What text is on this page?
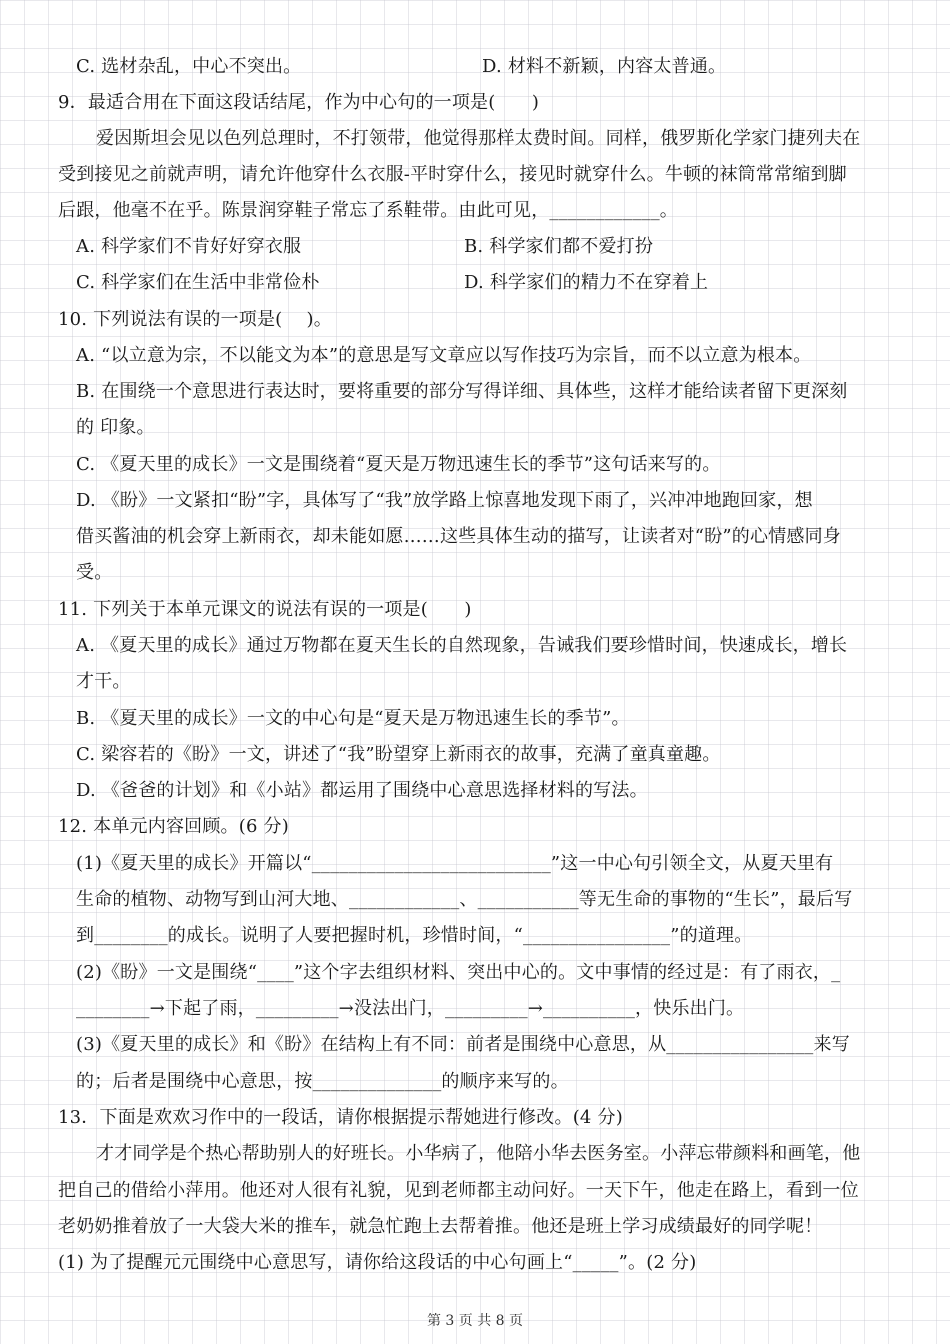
C. 选材杂乱，中心不突出。	D. 材料不新颖，内容太普通。
9．最适合用在下面这段话结尾，作为中心句的一项是(　　)
爱因斯坦会见以色列总理时，不打领带，他觉得那样太费时间。同样，俄罗斯化学家门捷列夫在
受到接见之前就声明，请允许他穿什么衣服-平时穿什么，接见时就穿什么。牛顿的袜筒常常缩到脚
后跟，他毫不在乎。陈景润穿鞋子常忘了系鞋带。由此可见，____________。
A. 科学家们不肯好好穿衣服	B. 科学家们都不爱打扮
C. 科学家们在生活中非常俭朴	D. 科学家们的精力不在穿着上
10. 下列说法有误的一项是(　 )。
A. “以立意为宗，不以能文为本”的意思是写文章应以写作技巧为宗旨，而不以立意为根本。
B. 在围绕一个意思进行表达时，要将重要的部分写得详细、具体些，这样才能给读者留下更深刻
的 印象。
C. 《夏天里的成长》一文是围绕着“夏天是万物迅速生长的季节”这句话来写的。
D. 《盼》一文紧扣“盼”字，具体写了“我”放学路上惊喜地发现下雨了，兴冲冲地跑回家，想
借买酱油的机会穿上新雨衣，却未能如愿……这些具体生动的描写，让读者对“盼”的心情感同身
受。
11. 下列关于本单元课文的说法有误的一项是(　　)
A. 《夏天里的成长》通过万物都在夏天生长的自然现象，告诫我们要珍惜时间，快速成长，增长
才干。
B. 《夏天里的成长》一文的中心句是“夏天是万物迅速生长的季节”。
C. 梁容若的《盼》一文，讲述了“我”盼望穿上新雨衣的故事，充满了童真童趣。
D. 《爸爸的计划》和《小站》都运用了围绕中心意思选择材料的写法。
12. 本单元内容回顾。(6 分)
(1)《夏天里的成长》开篇以“__________________________”这一中心句引领全文，从夏天里有
生命的植物、动物写到山河大地、____________、___________等无生命的事物的“生长”，最后写
到________的成长。说明了人要把握时机，珍惜时间，“________________”的道理。
(2)《盼》一文是围绕“____”这个字去组织材料、突出中心的。文中事情的经过是：有了雨衣，_
________→下起了雨，_________→没法出门，_________→__________，快乐出门。
(3)《夏天里的成长》和《盼》在结构上有不同：前者是围绕中心意思，从________________来写
的；后者是围绕中心意思，按______________的顺序来写的。
13．下面是欢欢习作中的一段话，请你根据提示帮她进行修改。(4 分)
才才同学是个热心帮助别人的好班长。小华病了，他陪小华去医务室。小萍忘带颜料和画笔，他
把自己的借给小萍用。他还对人很有礼貌，见到老师都主动问好。一天下午，他走在路上，看到一位
老奶奶推着放了一大袋大米的推车，就急忙跑上去帮着推。他还是班上学习成绩最好的同学呢！
(1) 为了提醒元元围绕中心意思写，请你给这段话的中心句画上“_____”。(2 分)
第 3 页 共 8 页
